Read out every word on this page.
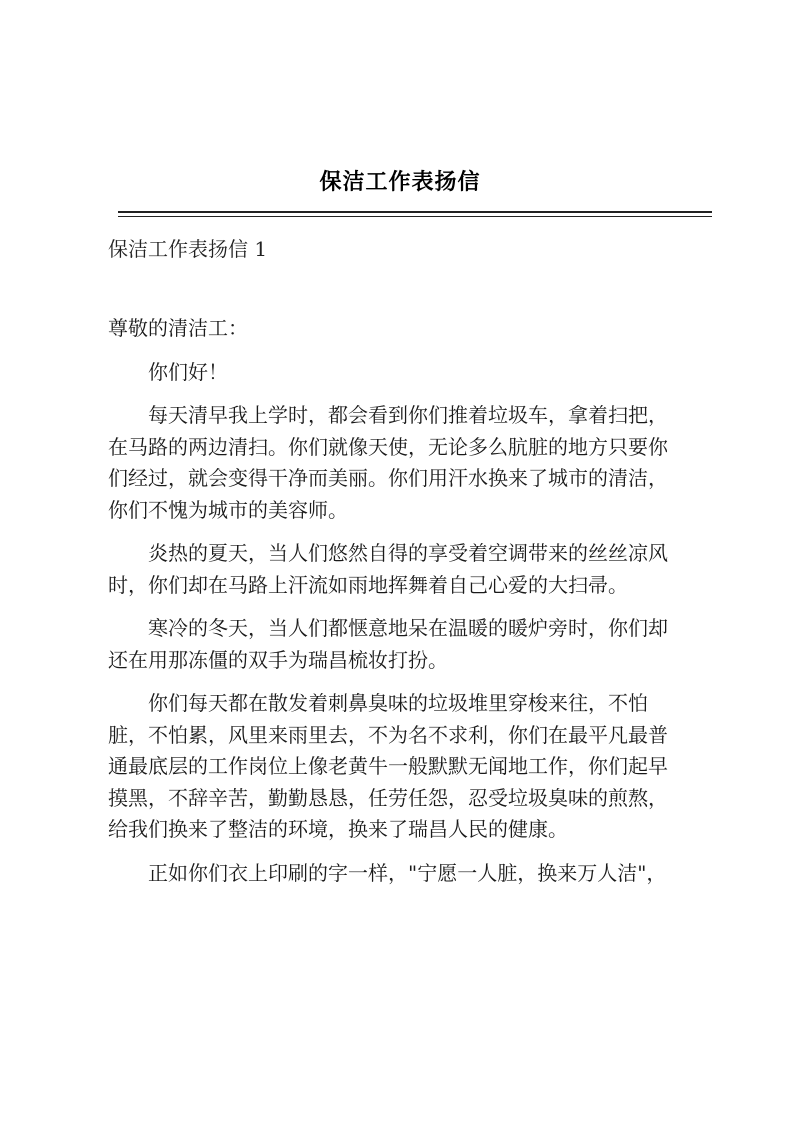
保洁工作表扬信
保洁工作表扬信 1
尊敬的清洁工：
你们好！
每天清早我上学时，都会看到你们推着垃圾车，拿着扫把，
在马路的两边清扫。你们就像天使，无论多么肮脏的地方只要你
们经过，就会变得干净而美丽。你们用汗水换来了城市的清洁，
你们不愧为城市的美容师。
炎热的夏天，当人们悠然自得的享受着空调带来的丝丝凉风
时，你们却在马路上汗流如雨地挥舞着自己心爱的大扫帚。
寒冷的冬天，当人们都惬意地呆在温暖的暖炉旁时，你们却
还在用那冻僵的双手为瑞昌梳妆打扮。
你们每天都在散发着刺鼻臭味的垃圾堆里穿梭来往，不怕
脏，不怕累，风里来雨里去，不为名不求利，你们在最平凡最普
通最底层的工作岗位上像老黄牛一般默默无闻地工作，你们起早
摸黑，不辞辛苦，勤勤恳恳，任劳任怨，忍受垃圾臭味的煎熬，
给我们换来了整洁的环境，换来了瑞昌人民的健康。
正如你们衣上印刷的字一样，"宁愿一人脏，换来万人洁"，
